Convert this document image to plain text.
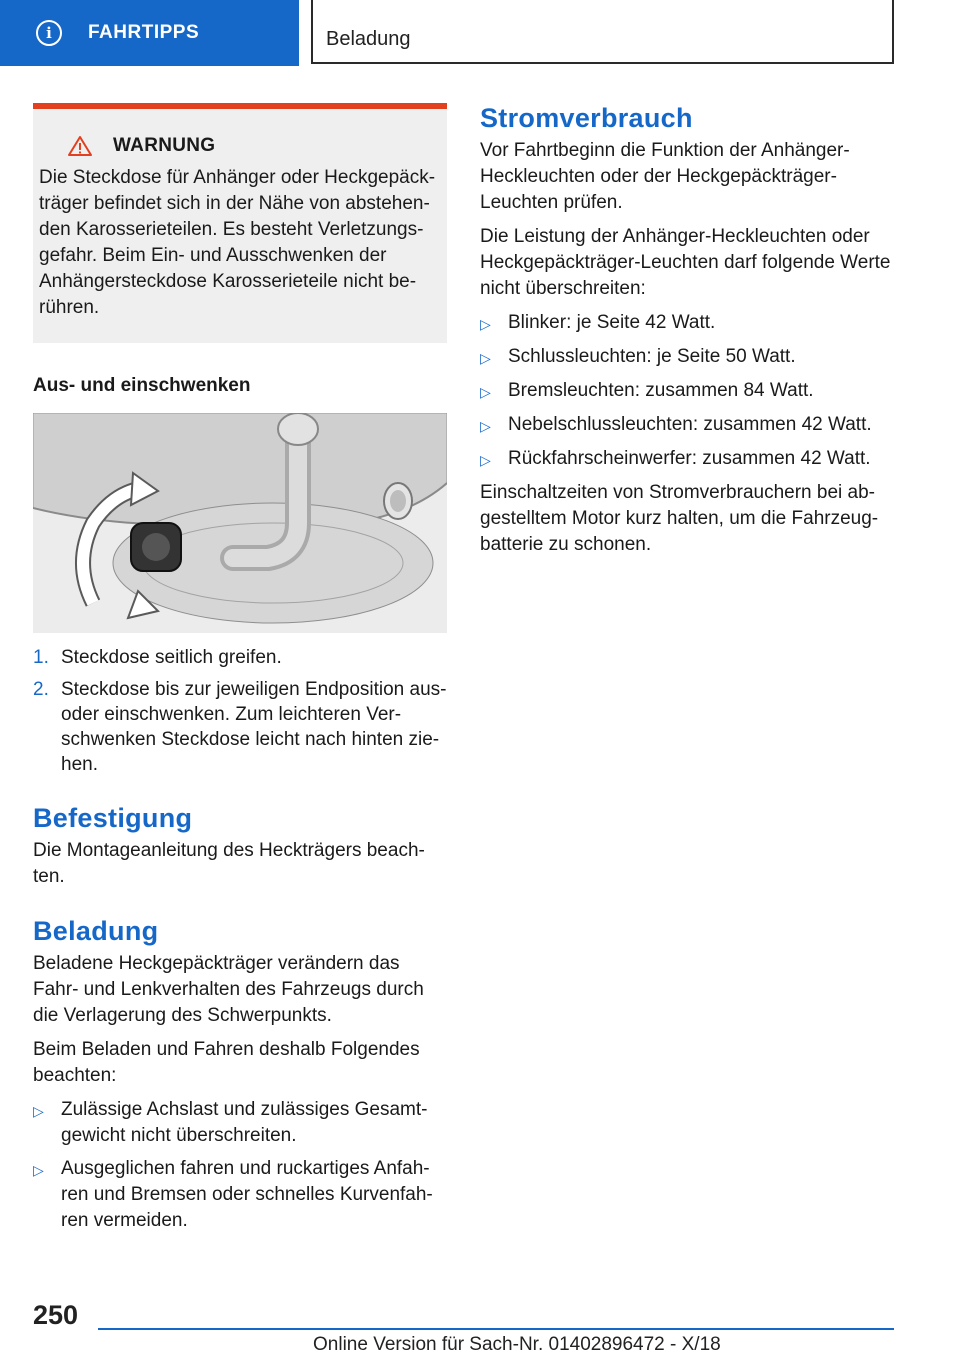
i	FAHRTIPPS	Beladung
WARNUNG
Die Steckdose für Anhänger oder Heckgepäck-träger befindet sich in der Nähe von abstehen-den Karosserieteilen. Es besteht Verletzungs-gefahr. Beim Ein- und Ausschwenken der Anhängersteckdose Karosserieteile nicht be-rühren.
Aus- und einschwenken
1. Steckdose seitlich greifen.
2. Steckdose bis zur jeweiligen Endposition aus- oder einschwenken. Zum leichteren Ver-schwenken Steckdose leicht nach hinten zie-hen.
Befestigung
Die Montageanleitung des Heckträgers beach-ten.
Beladung
Beladene Heckgepäckträger verändern das Fahr- und Lenkverhalten des Fahrzeugs durch die Verlagerung des Schwerpunkts.
Beim Beladen und Fahren deshalb Folgendes beachten:
▷ Zulässige Achslast und zulässiges Gesamt-gewicht nicht überschreiten.
▷ Ausgeglichen fahren und ruckartiges Anfah-ren und Bremsen oder schnelles Kurvenfah-ren vermeiden.
Stromverbrauch
Vor Fahrtbeginn die Funktion der Anhänger-Heckleuchten oder der Heckgepäckträger-Leuchten prüfen.
Die Leistung der Anhänger-Heckleuchten oder Heckgepäckträger-Leuchten darf folgende Werte nicht überschreiten:
▷ Blinker: je Seite 42 Watt.
▷ Schlussleuchten: je Seite 50 Watt.
▷ Bremsleuchten: zusammen 84 Watt.
▷ Nebelschlussleuchten: zusammen 42 Watt.
▷ Rückfahrscheinwerfer: zusammen 42 Watt.
Einschaltzeiten von Stromverbrauchern bei ab-gestelltem Motor kurz halten, um die Fahrzeug-batterie zu schonen.
250
Online Version für Sach-Nr. 01402896472 - X/18
